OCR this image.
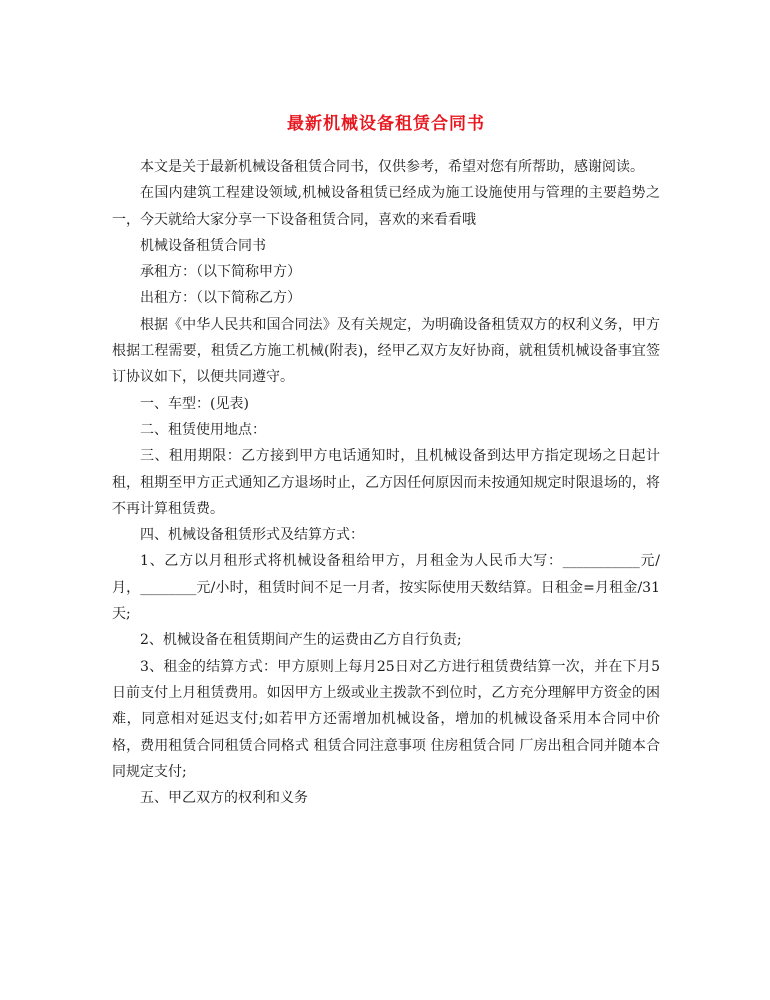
最新机械设备租赁合同书

本文是关于最新机械设备租赁合同书，仅供参考，希望对您有所帮助，感谢阅读。

在国内建筑工程建设领域,机械设备租赁已经成为施工设施使用与管理的主要趋势之一，今天就给大家分享一下设备租赁合同，喜欢的来看看哦

机械设备租赁合同书

承租方：（以下简称甲方）

出租方：（以下简称乙方）

根据《中华人民共和国合同法》及有关规定，为明确设备租赁双方的权利义务，甲方根据工程需要，租赁乙方施工机械(附表)，经甲乙双方友好协商，就租赁机械设备事宜签订协议如下，以便共同遵守。

一、车型：(见表)

二、租赁使用地点：

三、租用期限：乙方接到甲方电话通知时，且机械设备到达甲方指定现场之日起计租，租期至甲方正式通知乙方退场时止，乙方因任何原因而未按通知规定时限退场的，将不再计算租赁费。

四、机械设备租赁形式及结算方式：

1、乙方以月租形式将机械设备租给甲方，月租金为人民币大写：___________元/月，________元/小时，租赁时间不足一月者，按实际使用天数结算。日租金=月租金/31天;

2、机械设备在租赁期间产生的运费由乙方自行负责;

3、租金的结算方式：甲方原则上每月25日对乙方进行租赁费结算一次，并在下月5日前支付上月租赁费用。如因甲方上级或业主拨款不到位时，乙方充分理解甲方资金的困难，同意相对延迟支付;如若甲方还需增加机械设备，增加的机械设备采用本合同中价格，费用租赁合同租赁合同格式 租赁合同注意事项 住房租赁合同 厂房出租合同并随本合同规定支付;

五、甲乙双方的权利和义务
